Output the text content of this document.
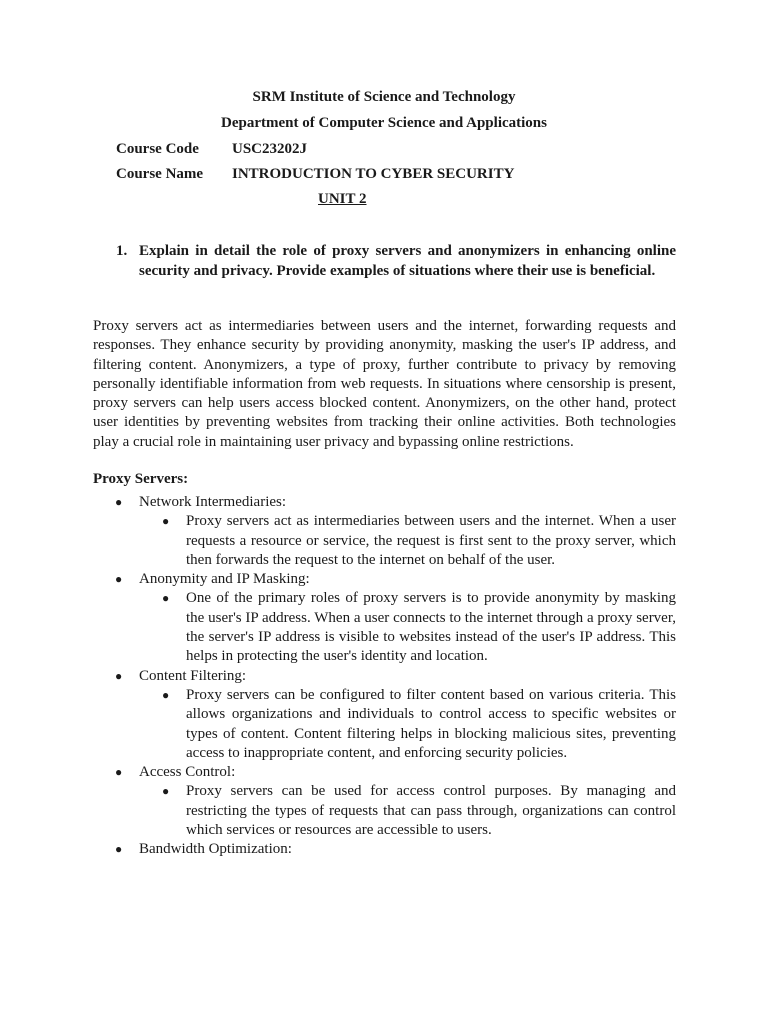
SRM Institute of Science and Technology
Department of Computer Science and Applications
Course Code USC23202J
Course Name INTRODUCTION TO CYBER SECURITY
UNIT 2
1. Explain in detail the role of proxy servers and anonymizers in enhancing online security and privacy. Provide examples of situations where their use is beneficial.

Proxy servers act as intermediaries between users and the internet, forwarding requests and responses. They enhance security by providing anonymity, masking the user's IP address, and filtering content. Anonymizers, a type of proxy, further contribute to privacy by removing personally identifiable information from web requests. In situations where censorship is present, proxy servers can help users access blocked content. Anonymizers, on the other hand, protect user identities by preventing websites from tracking their online activities. Both technologies play a crucial role in maintaining user privacy and bypassing online restrictions.

Proxy Servers:
● Network Intermediaries:
● Proxy servers act as intermediaries between users and the internet. When a user requests a resource or service, the request is first sent to the proxy server, which then forwards the request to the internet on behalf of the user.
● Anonymity and IP Masking:
● One of the primary roles of proxy servers is to provide anonymity by masking the user's IP address. When a user connects to the internet through a proxy server, the server's IP address is visible to websites instead of the user's IP address. This helps in protecting the user's identity and location.
● Content Filtering:
● Proxy servers can be configured to filter content based on various criteria. This allows organizations and individuals to control access to specific websites or types of content. Content filtering helps in blocking malicious sites, preventing access to inappropriate content, and enforcing security policies.
● Access Control:
● Proxy servers can be used for access control purposes. By managing and restricting the types of requests that can pass through, organizations can control which services or resources are accessible to users.
● Bandwidth Optimization:
